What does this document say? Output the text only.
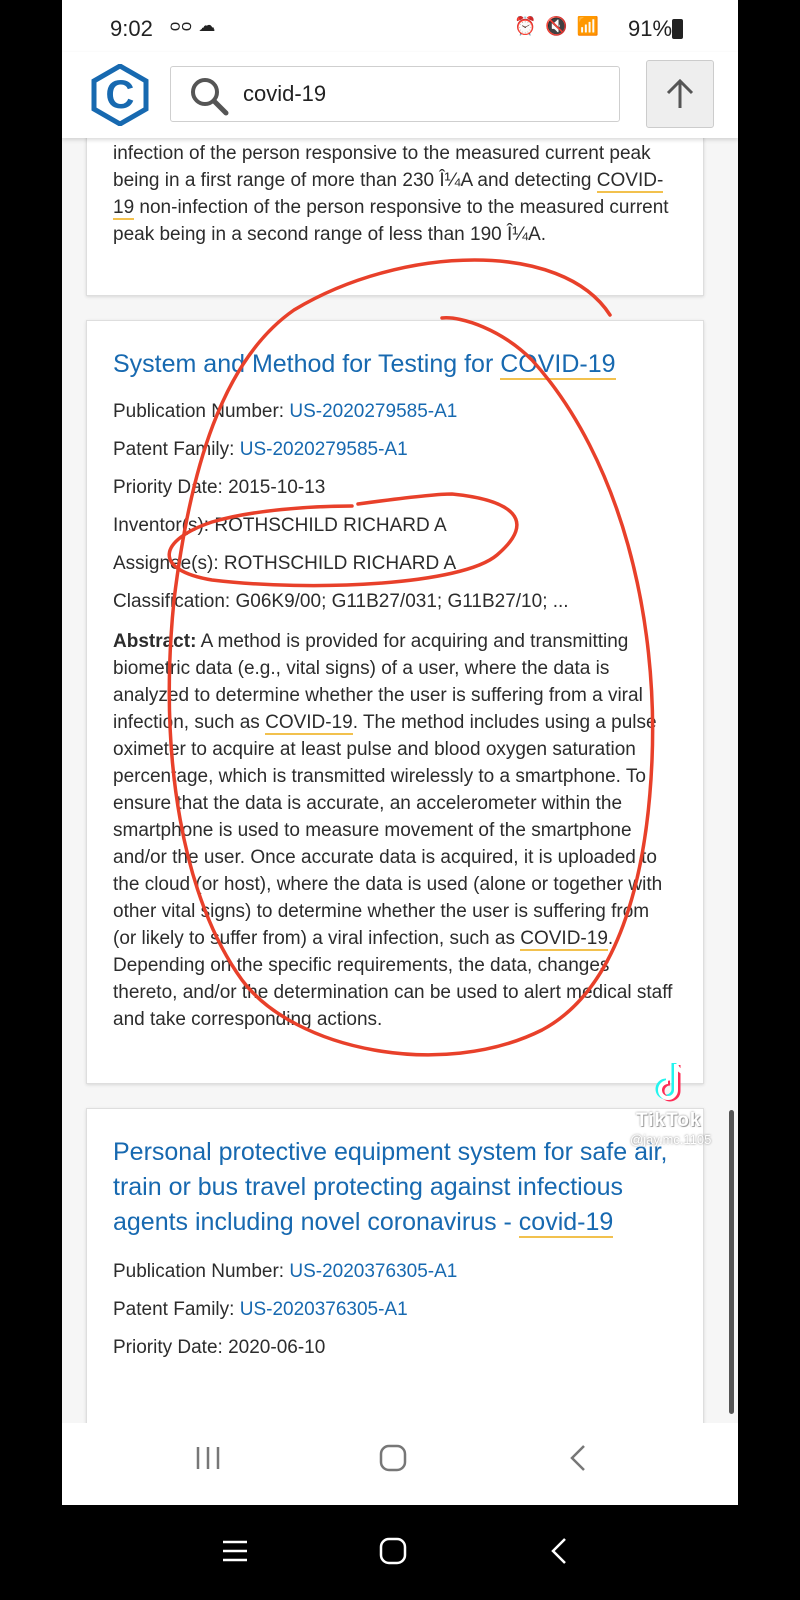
9:02 ᴑᴑ ☁	⏰ 🔇 📶 91%
C
covid-19

infection of the person responsive to the measured current peak being in a first range of more than 230 Î¼A and detecting COVID-19 non-infection of the person responsive to the measured current peak being in a second range of less than 190 Î¼A.

System and Method for Testing for COVID-19
Publication Number: US-2020279585-A1
Patent Family: US-2020279585-A1
Priority Date: 2015-10-13
Inventor(s): ROTHSCHILD RICHARD A
Assignee(s): ROTHSCHILD RICHARD A
Classification: G06K9/00; G11B27/031; G11B27/10; ...
Abstract: A method is provided for acquiring and transmitting biometric data (e.g., vital signs) of a user, where the data is analyzed to determine whether the user is suffering from a viral infection, such as COVID-19. The method includes using a pulse oximeter to acquire at least pulse and blood oxygen saturation percentage, which is transmitted wirelessly to a smartphone. To ensure that the data is accurate, an accelerometer within the smartphone is used to measure movement of the smartphone and/or the user. Once accurate data is acquired, it is uploaded to the cloud (or host), where the data is used (alone or together with other vital signs) to determine whether the user is suffering from (or likely to suffer from) a viral infection, such as COVID-19. Depending on the specific requirements, the data, changes thereto, and/or the determination can be used to alert medical staff and take corresponding actions.
Personal protective equipment system for safe air, train or bus travel protecting against infectious agents including novel coronavirus - covid-19
Publication Number: US-2020376305-A1
Patent Family: US-2020376305-A1
Priority Date: 2020-06-10
TikTok
@jay.mc.1105
